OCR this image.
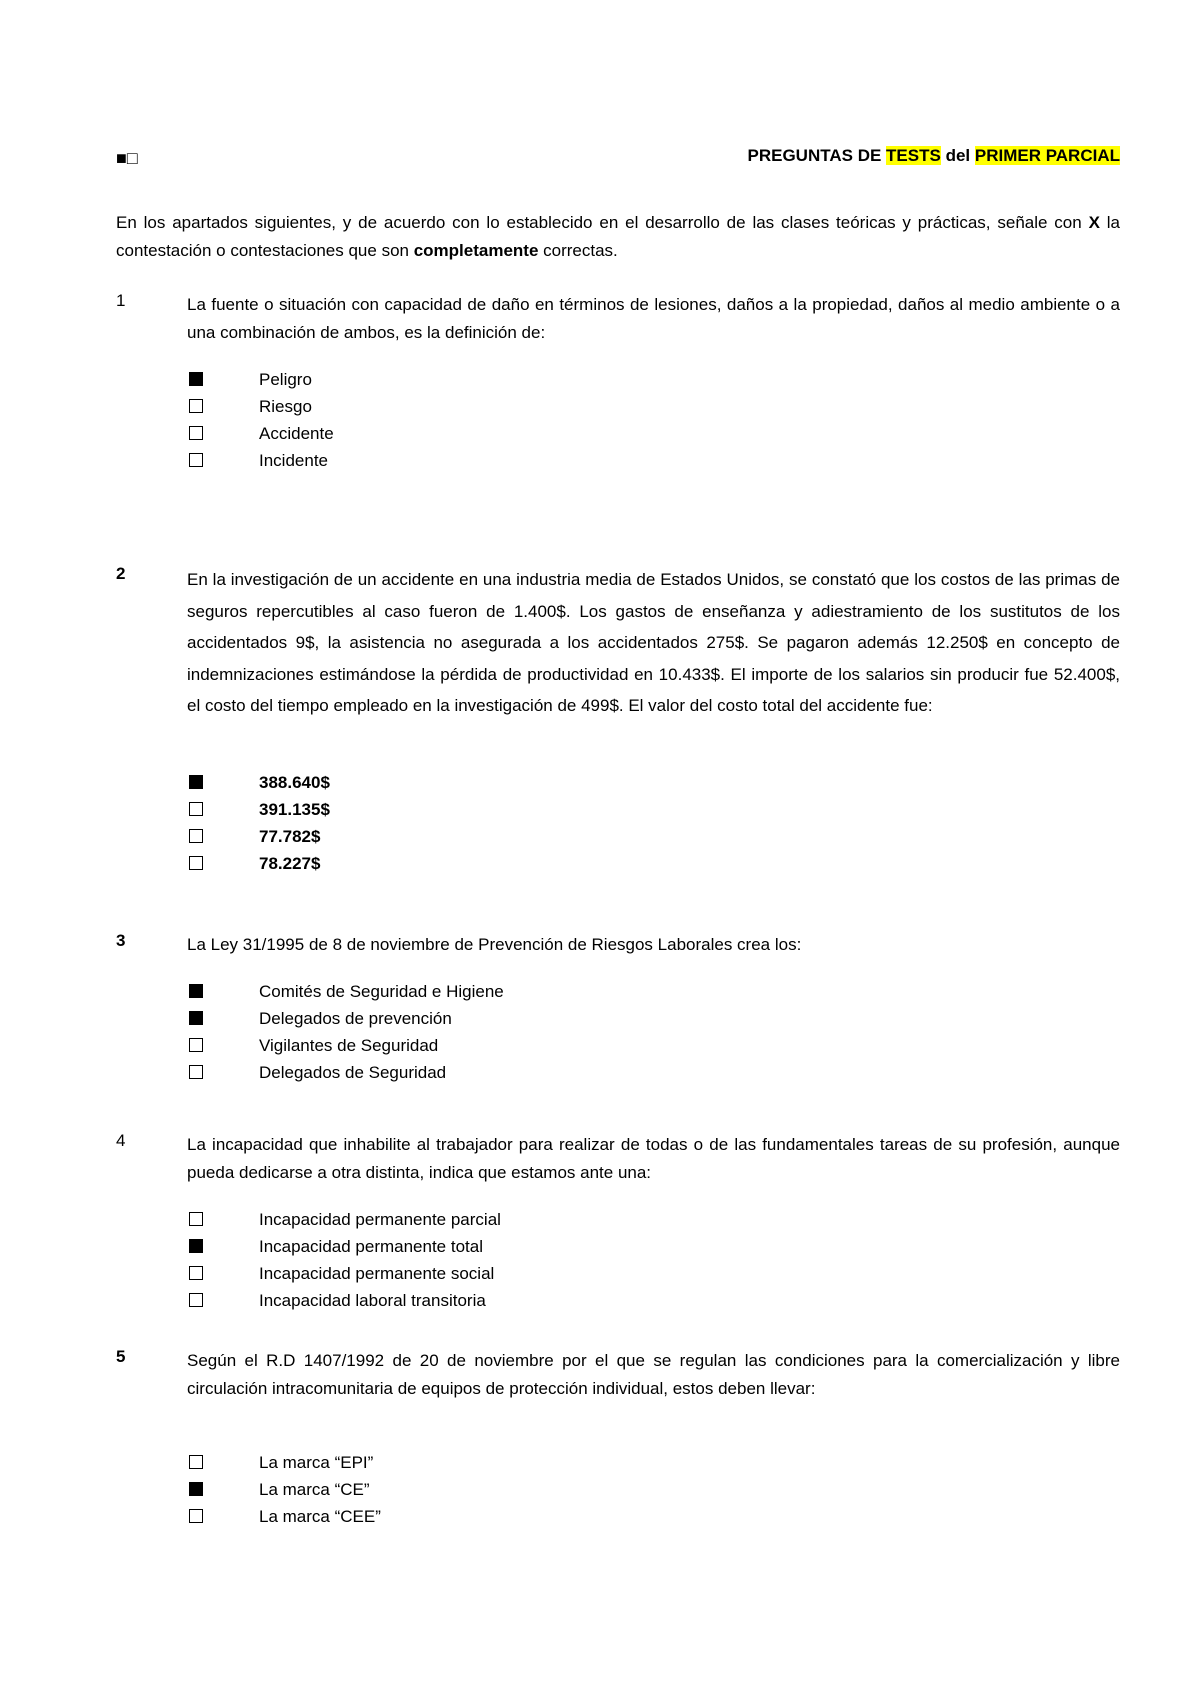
■□	PREGUNTAS DE TESTS del PRIMER PARCIAL
En los apartados siguientes, y de acuerdo con lo establecido en el desarrollo de las clases teóricas y prácticas, señale con X la contestación o contestaciones que son completamente correctas.
1	La fuente o situación con capacidad de daño en términos de lesiones, daños a la propiedad, daños al medio ambiente o a una combinación de ambos, es la definición de:
Peligro
Riesgo
Accidente
Incidente
2	En la investigación de un accidente en una industria media de Estados Unidos, se constató que los costos de las primas de seguros repercutibles al caso fueron de 1.400$. Los gastos de enseñanza y adiestramiento de los sustitutos de los accidentados 9$, la asistencia no asegurada a los accidentados 275$. Se pagaron además 12.250$ en concepto de indemnizaciones estimándose la pérdida de productividad en 10.433$. El importe de los salarios sin producir fue 52.400$, el costo del tiempo empleado en la investigación de 499$. El valor del costo total del accidente fue:
388.640$
391.135$
77.782$
78.227$
3	La Ley 31/1995 de 8 de noviembre de Prevención de Riesgos Laborales crea los:
Comités de Seguridad e Higiene
Delegados de prevención
Vigilantes de Seguridad
Delegados de Seguridad
4	La incapacidad que inhabilite al trabajador para realizar de todas o de las fundamentales tareas de su profesión, aunque pueda dedicarse a otra distinta, indica que estamos ante una:
Incapacidad permanente parcial
Incapacidad permanente total
Incapacidad permanente social
Incapacidad laboral transitoria
5	Según el R.D 1407/1992 de 20 de noviembre por el que se regulan las condiciones para la comercialización y libre circulación intracomunitaria de equipos de protección individual, estos deben llevar:
La marca “EPI”
La marca “CE”
La marca “CEE”
